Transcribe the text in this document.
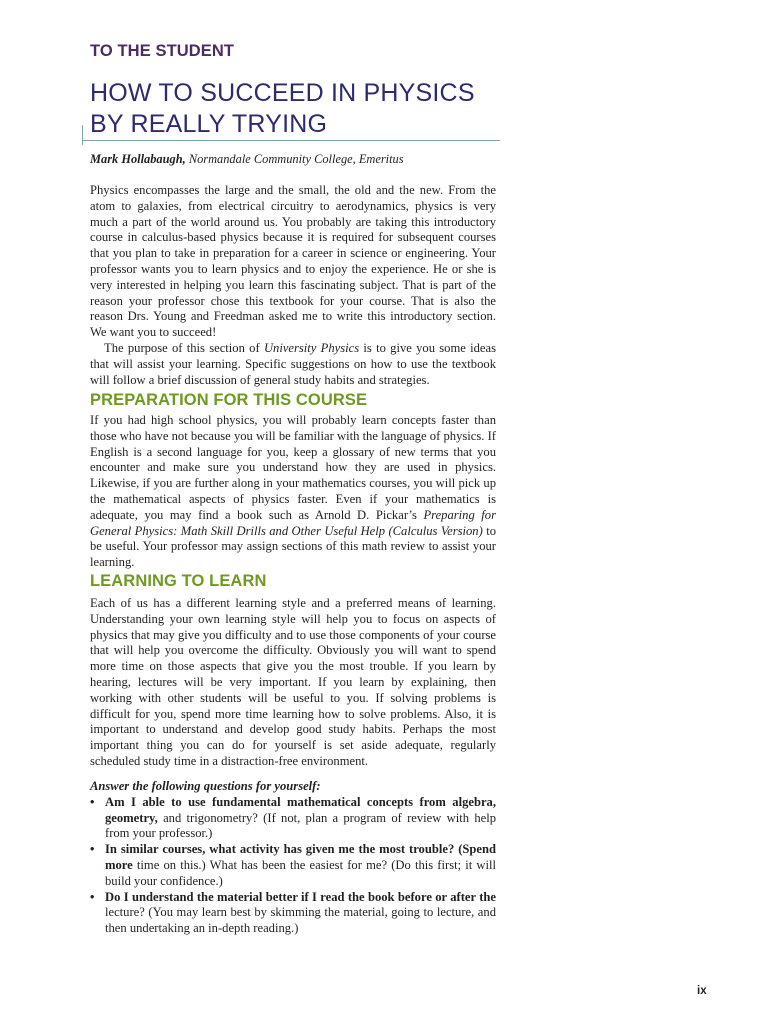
TO THE STUDENT
HOW TO SUCCEED IN PHYSICS
BY REALLY TRYING
Mark Hollabaugh, Normandale Community College, Emeritus

Physics encompasses the large and the small, the old and the new. From the atom to galaxies, from electrical circuitry to aerodynamics, physics is very much a part of the world around us. You probably are taking this introductory course in calculus-based physics because it is required for subsequent courses that you plan to take in preparation for a career in science or engineering. Your professor wants you to learn physics and to enjoy the experience. He or she is very interested in helping you learn this fascinating subject. That is part of the reason your professor chose this textbook for your course. That is also the reason Drs. Young and Freedman asked me to write this introductory section. We want you to succeed!

The purpose of this section of University Physics is to give you some ideas that will assist your learning. Specific suggestions on how to use the textbook will follow a brief discussion of general study habits and strategies.

PREPARATION FOR THIS COURSE

If you had high school physics, you will probably learn concepts faster than those who have not because you will be familiar with the language of physics. If English is a second language for you, keep a glossary of new terms that you encounter and make sure you understand how they are used in physics. Likewise, if you are further along in your mathematics courses, you will pick up the mathematical aspects of physics faster. Even if your mathematics is adequate, you may find a book such as Arnold D. Pickar’s Preparing for General Physics: Math Skill Drills and Other Useful Help (Calculus Version) to be useful. Your professor may assign sections of this math review to assist your learning.

LEARNING TO LEARN

Each of us has a different learning style and a preferred means of learning. Understanding your own learning style will help you to focus on aspects of physics that may give you difficulty and to use those components of your course that will help you overcome the difficulty. Obviously you will want to spend more time on those aspects that give you the most trouble. If you learn by hearing, lectures will be very important. If you learn by explaining, then working with other students will be useful to you. If solving problems is difficult for you, spend more time learning how to solve problems. Also, it is important to understand and develop good study habits. Perhaps the most important thing you can do for yourself is set aside adequate, regularly scheduled study time in a distraction-free environment.

Answer the following questions for yourself:

• Am I able to use fundamental mathematical concepts from algebra, geometry, and trigonometry? (If not, plan a program of review with help from your professor.)
• In similar courses, what activity has given me the most trouble? (Spend more time on this.) What has been the easiest for me? (Do this first; it will build your confidence.)
• Do I understand the material better if I read the book before or after the lecture? (You may learn best by skimming the material, going to lecture, and then undertaking an in-depth reading.)
ix
